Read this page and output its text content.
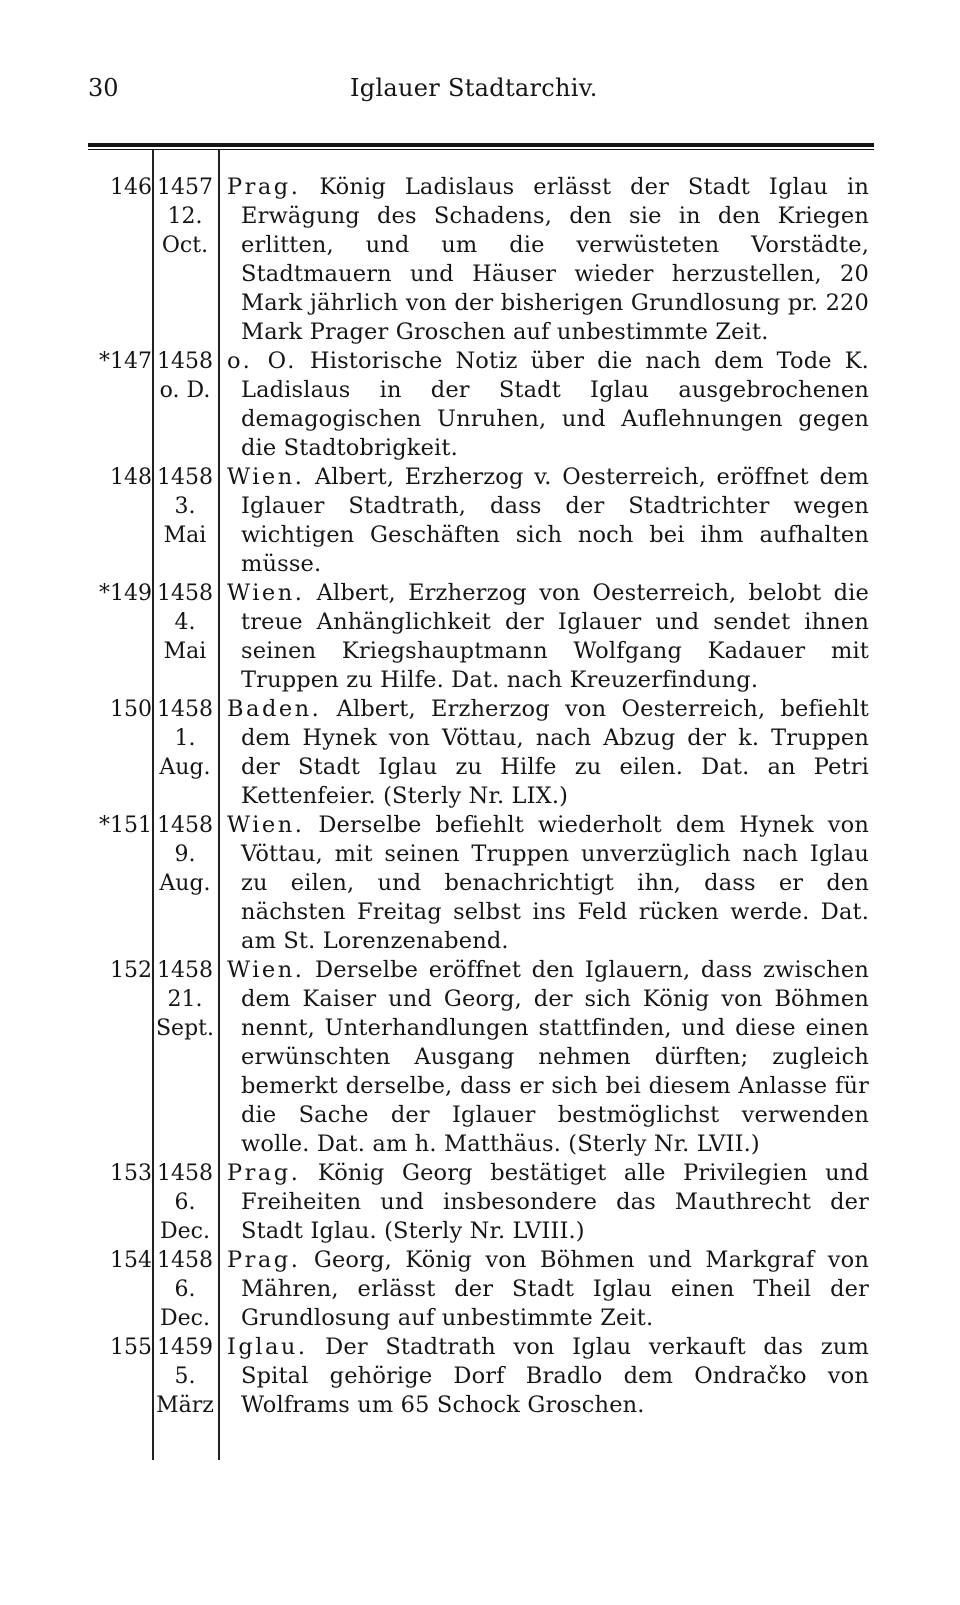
30	Iglauer Stadtarchiv.
146 1457
12.
Oct.
Prag. König Ladislaus erlässt der Stadt Iglau in Erwägung des Schadens, den sie in den Kriegen erlitten, und um die verwüsteten Vorstädte, Stadtmauern und Häuser wieder herzustellen, 20 Mark jährlich von der bisherigen Grundlosung pr. 220 Mark Prager Groschen auf unbestimmte Zeit.
*147 1458
o. D.
o. O. Historische Notiz über die nach dem Tode K. Ladislaus in der Stadt Iglau ausgebrochenen demagogischen Unruhen, und Auflehnungen gegen die Stadtobrigkeit.
148 1458
3.
Mai
Wien. Albert, Erzherzog v. Oesterreich, eröffnet dem Iglauer Stadtrath, dass der Stadtrichter wegen wichtigen Geschäften sich noch bei ihm aufhalten müsse.
*149 1458
4.
Mai
Wien. Albert, Erzherzog von Oesterreich, belobt die treue Anhänglichkeit der Iglauer und sendet ihnen seinen Kriegshauptmann Wolfgang Kadauer mit Truppen zu Hilfe. Dat. nach Kreuzerfindung.
150 1458
1.
Aug.
Baden. Albert, Erzherzog von Oesterreich, befiehlt dem Hynek von Vöttau, nach Abzug der k. Truppen der Stadt Iglau zu Hilfe zu eilen. Dat. an Petri Kettenfeier. (Sterly Nr. LIX.)
*151 1458
9.
Aug.
Wien. Derselbe befiehlt wiederholt dem Hynek von Vöttau, mit seinen Truppen unverzüglich nach Iglau zu eilen, und benachrichtigt ihn, dass er den nächsten Freitag selbst ins Feld rücken werde. Dat. am St. Lorenzenabend.
152 1458
21.
Sept.
Wien. Derselbe eröffnet den Iglauern, dass zwischen dem Kaiser und Georg, der sich König von Böhmen nennt, Unterhandlungen stattfinden, und diese einen erwünschten Ausgang nehmen dürften; zugleich bemerkt derselbe, dass er sich bei diesem Anlasse für die Sache der Iglauer bestmöglichst verwenden wolle. Dat. am h. Matthäus. (Sterly Nr. LVII.)
153 1458
6.
Dec.
Prag. König Georg bestätiget alle Privilegien und Freiheiten und insbesondere das Mauthrecht der Stadt Iglau. (Sterly Nr. LVIII.)
154 1458
6.
Dec.
Prag. Georg, König von Böhmen und Markgraf von Mähren, erlässt der Stadt Iglau einen Theil der Grundlosung auf unbestimmte Zeit.
155 1459
5.
März
Iglau. Der Stadtrath von Iglau verkauft das zum Spital gehörige Dorf Bradlo dem Ondračko von Wolframs um 65 Schock Groschen.
